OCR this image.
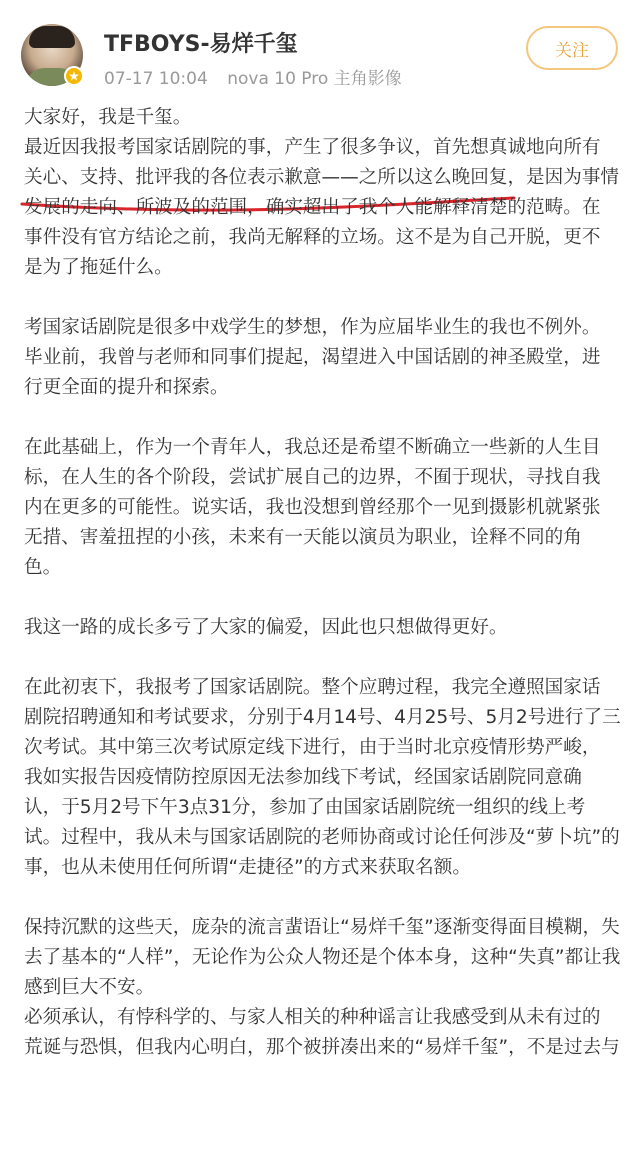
TFBOYS-易烊千玺
07-17 10:04 nova 10 Pro 主角影像
关注
大家好，我是千玺。
最近因我报考国家话剧院的事，产生了很多争议，首先想真诚地向所有
关心、支持、批评我的各位表示歉意——之所以这么晚回复，是因为事情
发展的走向、所波及的范围，确实超出了我个人能解释清楚的范畴。在
事件没有官方结论之前，我尚无解释的立场。这不是为自己开脱，更不
是为了拖延什么。
考国家话剧院是很多中戏学生的梦想，作为应届毕业生的我也不例外。
毕业前，我曾与老师和同事们提起，渴望进入中国话剧的神圣殿堂，进
行更全面的提升和探索。
在此基础上，作为一个青年人，我总还是希望不断确立一些新的人生目
标，在人生的各个阶段，尝试扩展自己的边界，不囿于现状，寻找自我
内在更多的可能性。说实话，我也没想到曾经那个一见到摄影机就紧张
无措、害羞扭捏的小孩，未来有一天能以演员为职业，诠释不同的角
色。
我这一路的成长多亏了大家的偏爱，因此也只想做得更好。
在此初衷下，我报考了国家话剧院。整个应聘过程，我完全遵照国家话
剧院招聘通知和考试要求，分别于4月14号、4月25号、5月2号进行了三
次考试。其中第三次考试原定线下进行，由于当时北京疫情形势严峻，
我如实报告因疫情防控原因无法参加线下考试，经国家话剧院同意确
认，于5月2号下午3点31分，参加了由国家话剧院统一组织的线上考
试。过程中，我从未与国家话剧院的老师协商或讨论任何涉及“萝卜坑”的
事，也从未使用任何所谓“走捷径”的方式来获取名额。
保持沉默的这些天，庞杂的流言蜚语让“易烊千玺”逐渐变得面目模糊，失
去了基本的“人样”，无论作为公众人物还是个体本身，这种“失真”都让我
感到巨大不安。
必须承认，有悖科学的、与家人相关的种种谣言让我感受到从未有过的
荒诞与恐惧，但我内心明白，那个被拼凑出来的“易烊千玺”，不是过去与
